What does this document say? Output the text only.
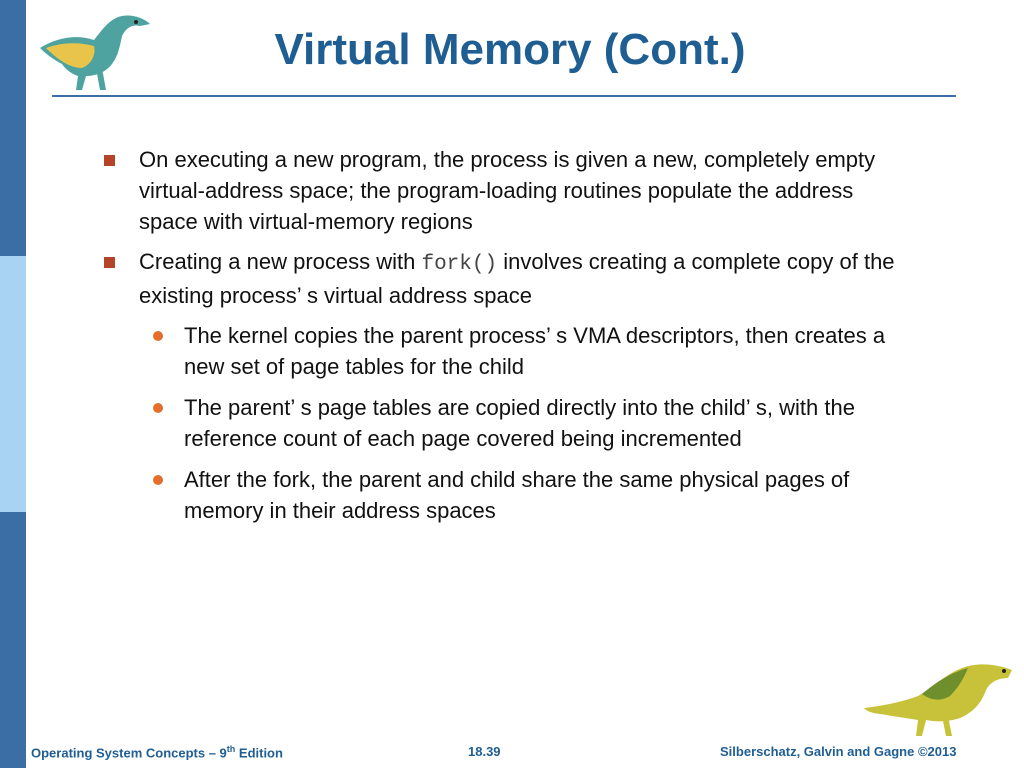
Virtual Memory (Cont.)
On executing a new program, the process is given a new, completely empty virtual-address space; the program-loading routines populate the address space with virtual-memory regions
Creating a new process with fork() involves creating a complete copy of the existing process’ s virtual address space
The kernel copies the parent process’ s VMA descriptors, then creates a new set of page tables for the child
The parent’ s page tables are copied directly into the child’ s, with the reference count of each page covered being incremented
After the fork, the parent and child share the same physical pages of memory in their address spaces
Operating System Concepts – 9th Edition	18.39	Silberschatz, Galvin and Gagne ©2013
